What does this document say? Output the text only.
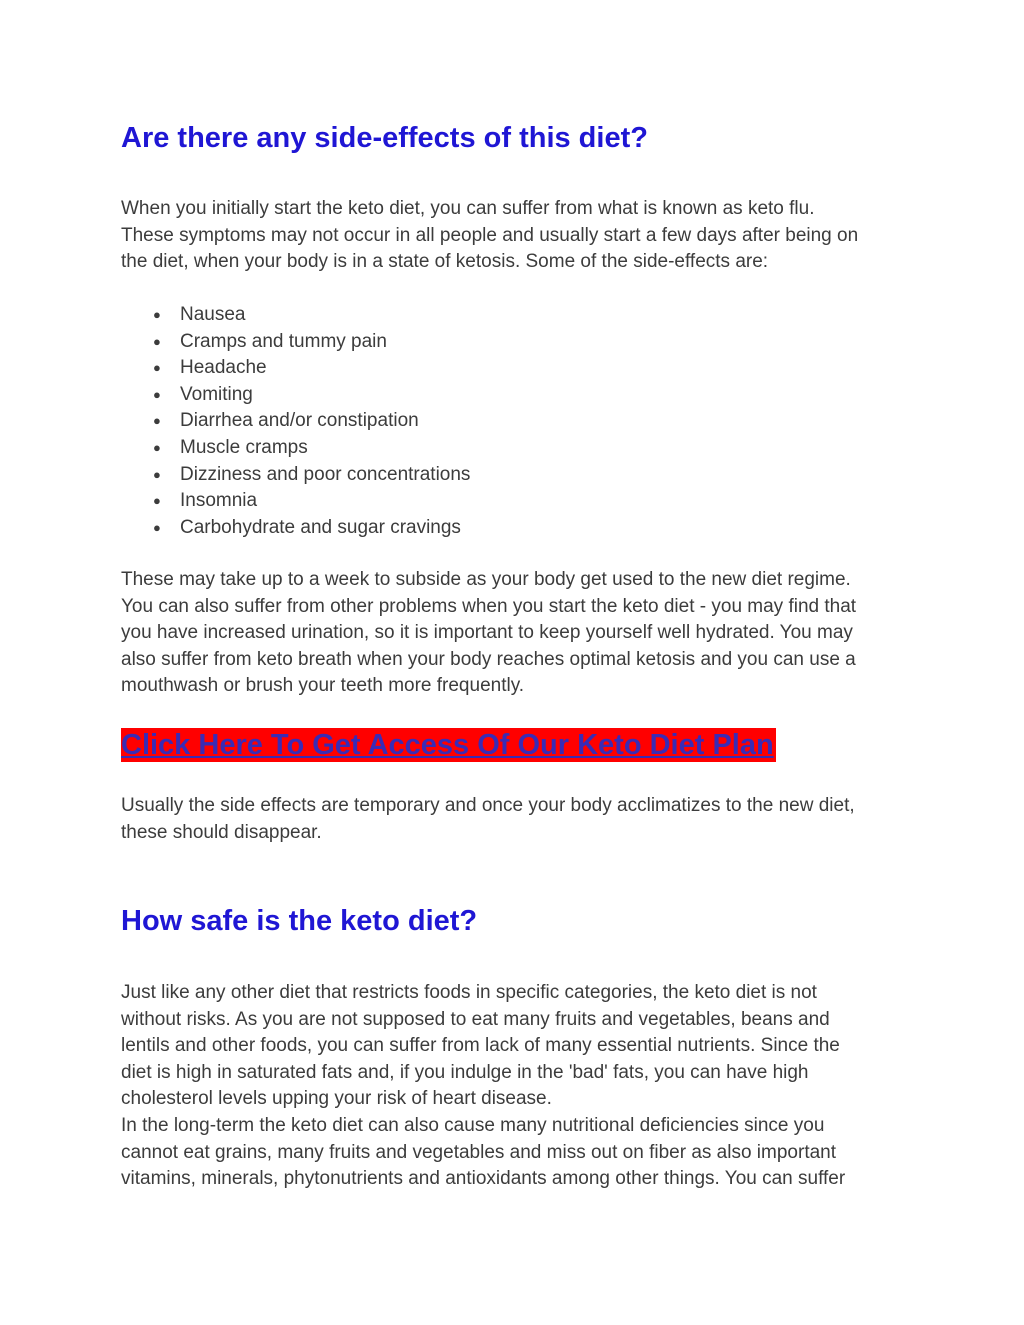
Are there any side-effects of this diet?
When you initially start the keto diet, you can suffer from what is known as keto flu.
These symptoms may not occur in all people and usually start a few days after being on
the diet, when your body is in a state of ketosis. Some of the side-effects are:
● Nausea
● Cramps and tummy pain
● Headache
● Vomiting
● Diarrhea and/or constipation
● Muscle cramps
● Dizziness and poor concentrations
● Insomnia
● Carbohydrate and sugar cravings
These may take up to a week to subside as your body get used to the new diet regime.
You can also suffer from other problems when you start the keto diet - you may find that
you have increased urination, so it is important to keep yourself well hydrated. You may
also suffer from keto breath when your body reaches optimal ketosis and you can use a
mouthwash or brush your teeth more frequently.
Click Here To Get Access Of Our Keto Diet Plan
Usually the side effects are temporary and once your body acclimatizes to the new diet,
these should disappear.
How safe is the keto diet?
Just like any other diet that restricts foods in specific categories, the keto diet is not
without risks. As you are not supposed to eat many fruits and vegetables, beans and
lentils and other foods, you can suffer from lack of many essential nutrients. Since the
diet is high in saturated fats and, if you indulge in the 'bad' fats, you can have high
cholesterol levels upping your risk of heart disease.
In the long-term the keto diet can also cause many nutritional deficiencies since you
cannot eat grains, many fruits and vegetables and miss out on fiber as also important
vitamins, minerals, phytonutrients and antioxidants among other things. You can suffer
